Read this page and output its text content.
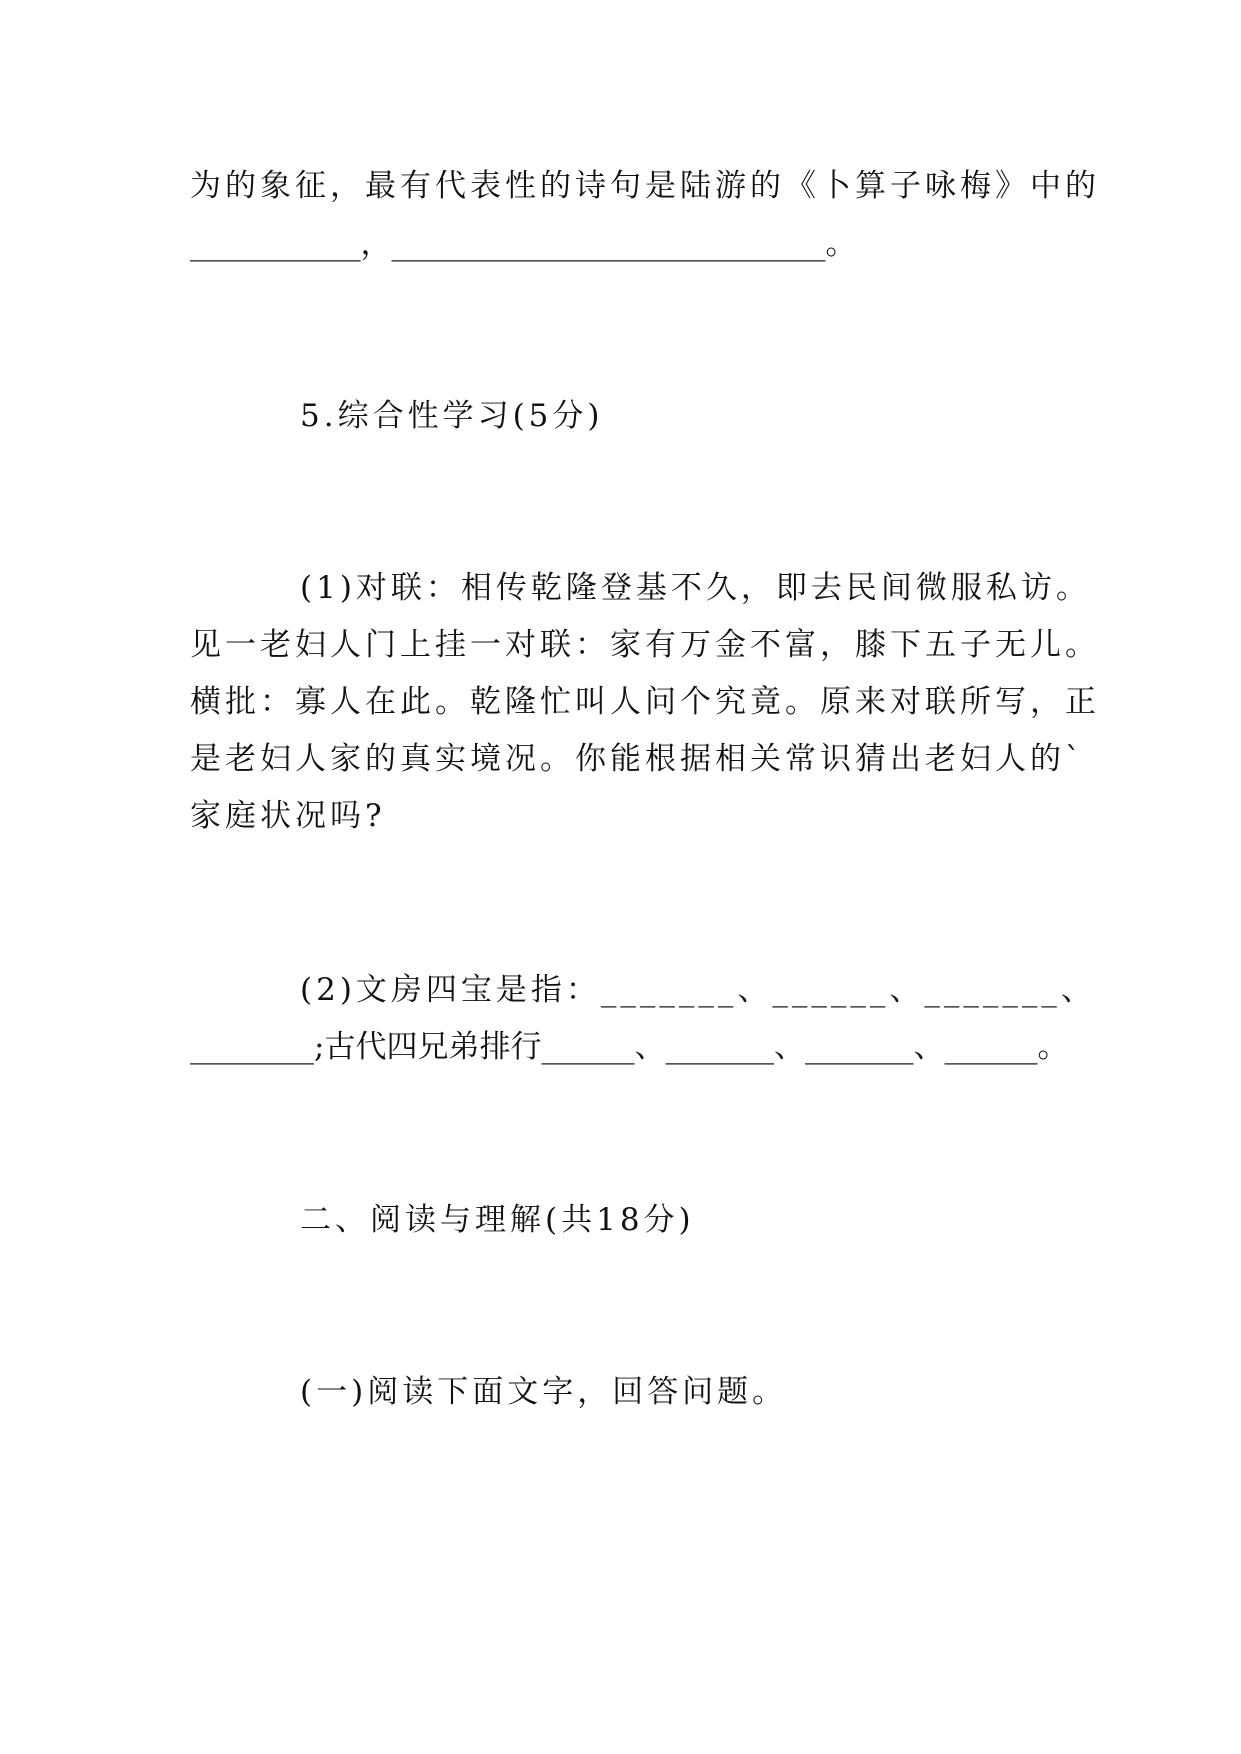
为的象征，最有代表性的诗句是陆游的《卜算子咏梅》中的
___________，____________________________。
5.综合性学习(5分)
(1)对联：相传乾隆登基不久，即去民间微服私访。
见一老妇人门上挂一对联：家有万金不富，膝下五子无儿。
横批：寡人在此。乾隆忙叫人问个究竟。原来对联所写，正
是老妇人家的真实境况。你能根据相关常识猜出老妇人的`
家庭状况吗?
(2)文房四宝是指：_______、______、_______、
________;古代四兄弟排行______、_______、_______、______。
二、阅读与理解(共18分)
(一)阅读下面文字，回答问题。
